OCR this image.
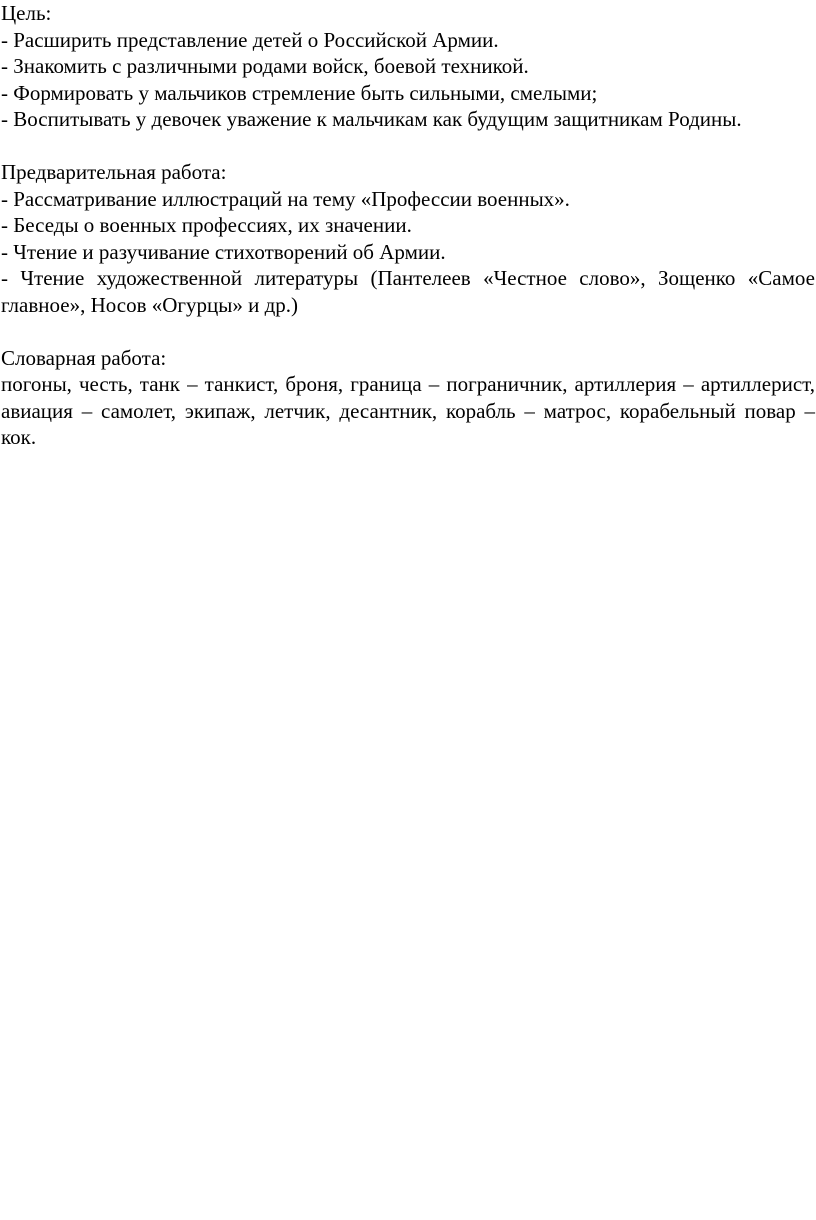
Цель:
- Расширить представление детей о Российской Армии.
- Знакомить с различными родами войск, боевой техникой.
- Формировать у мальчиков стремление быть сильными, смелыми;
- Воспитывать у девочек уважение к мальчикам как будущим защитникам Родины.
Предварительная работа:
- Рассматривание иллюстраций на тему «Профессии военных».
- Беседы о военных профессиях, их значении.
- Чтение и разучивание стихотворений об Армии.
- Чтение художественной литературы (Пантелеев «Честное слово», Зощенко «Самое главное», Носов «Огурцы» и др.)
Словарная работа:
погоны, честь, танк – танкист, броня, граница – пограничник, артиллерия – артиллерист, авиация – самолет, экипаж, летчик, десантник, корабль – матрос, корабельный повар – кок.
